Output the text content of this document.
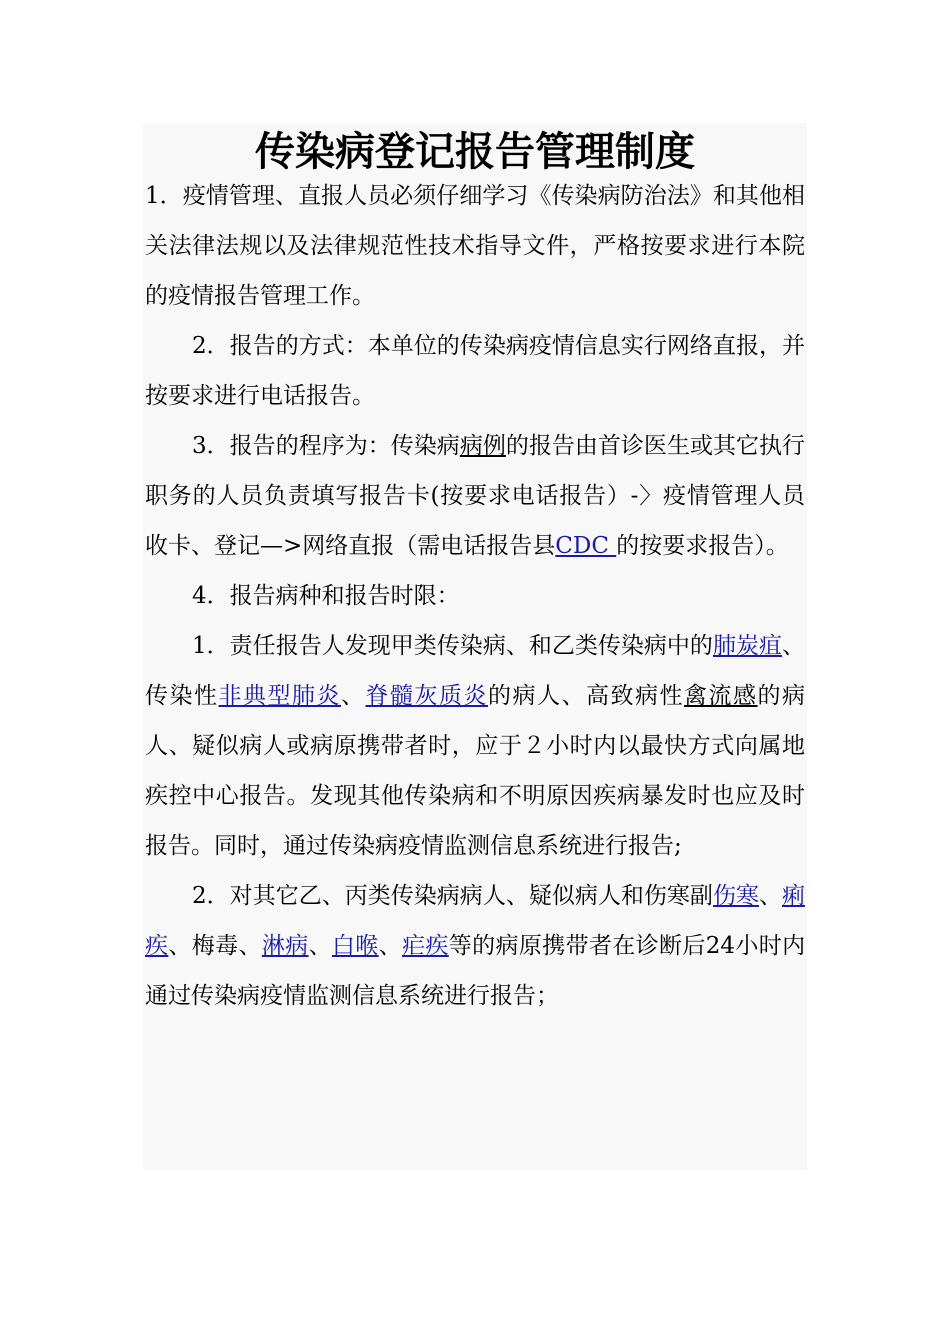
传染病登记报告管理制度

1．疫情管理、直报人员必须仔细学习《传染病防治法》和其他相关法律法规以及法律规范性技术指导文件，严格按要求进行本院的疫情报告管理工作。

2．报告的方式：本单位的传染病疫情信息实行网络直报，并按要求进行电话报告。

3．报告的程序为：传染病病例的报告由首诊医生或其它执行职务的人员负责填写报告卡(按要求电话报告）-〉疫情管理人员收卡、登记—>网络直报（需电话报告县CDC 的按要求报告）。

4．报告病种和报告时限：

1．责任报告人发现甲类传染病、和乙类传染病中的肺炭疽、传染性非典型肺炎、脊髓灰质炎的病人、高致病性禽流感的病人、疑似病人或病原携带者时，应于２小时内以最快方式向属地疾控中心报告。发现其他传染病和不明原因疾病暴发时也应及时报告。同时，通过传染病疫情监测信息系统进行报告;

2．对其它乙、丙类传染病病人、疑似病人和伤寒副伤寒、痢疾、梅毒、淋病、白喉、疟疾等的病原携带者在诊断后24小时内通过传染病疫情监测信息系统进行报告；
